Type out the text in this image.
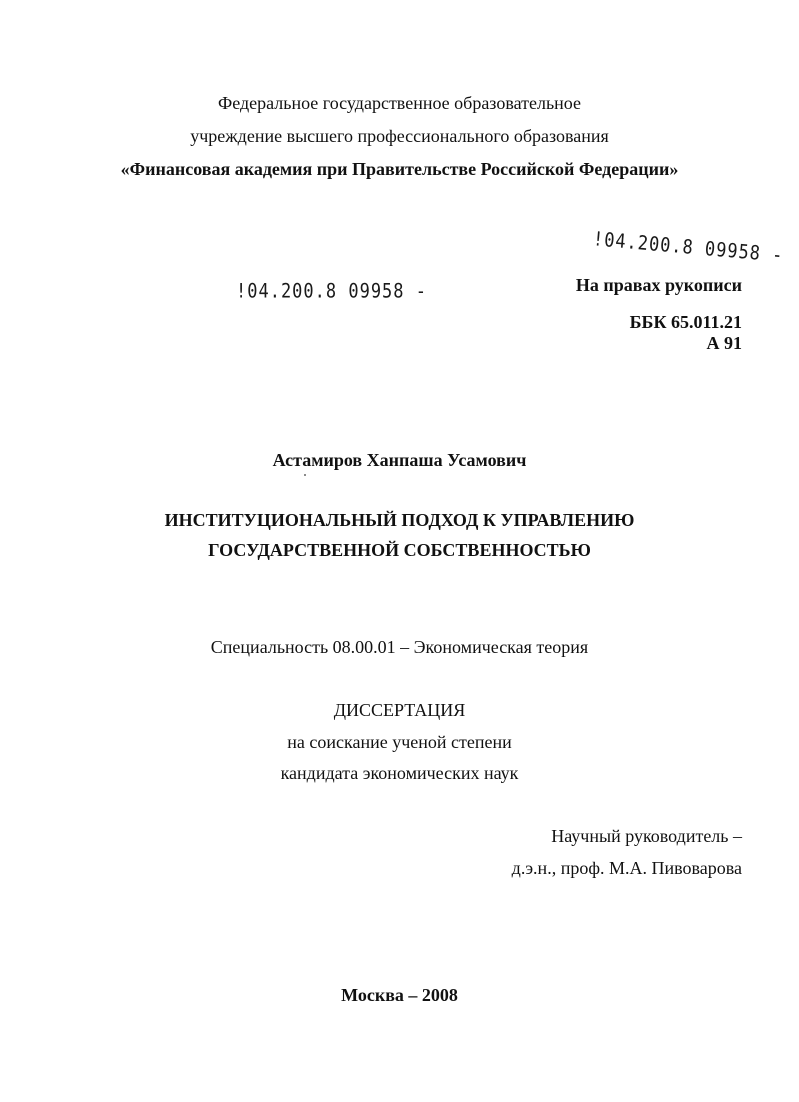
Федеральное государственное образовательное
учреждение высшего профессионального образования
«Финансовая академия при Правительстве Российской Федерации»
!04.200.8 09958 -
!04.200.8 09958 -	На правах рукописи
ББК 65.011.21
А 91
Астамиров Ханпаша Усамович
ИНСТИТУЦИОНАЛЬНЫЙ ПОДХОД К УПРАВЛЕНИЮ
ГОСУДАРСТВЕННОЙ СОБСТВЕННОСТЬЮ
Специальность 08.00.01 – Экономическая теория
ДИССЕРТАЦИЯ
на соискание ученой степени
кандидата экономических наук
Научный руководитель –
д.э.н., проф. М.А. Пивоварова
Москва – 2008
